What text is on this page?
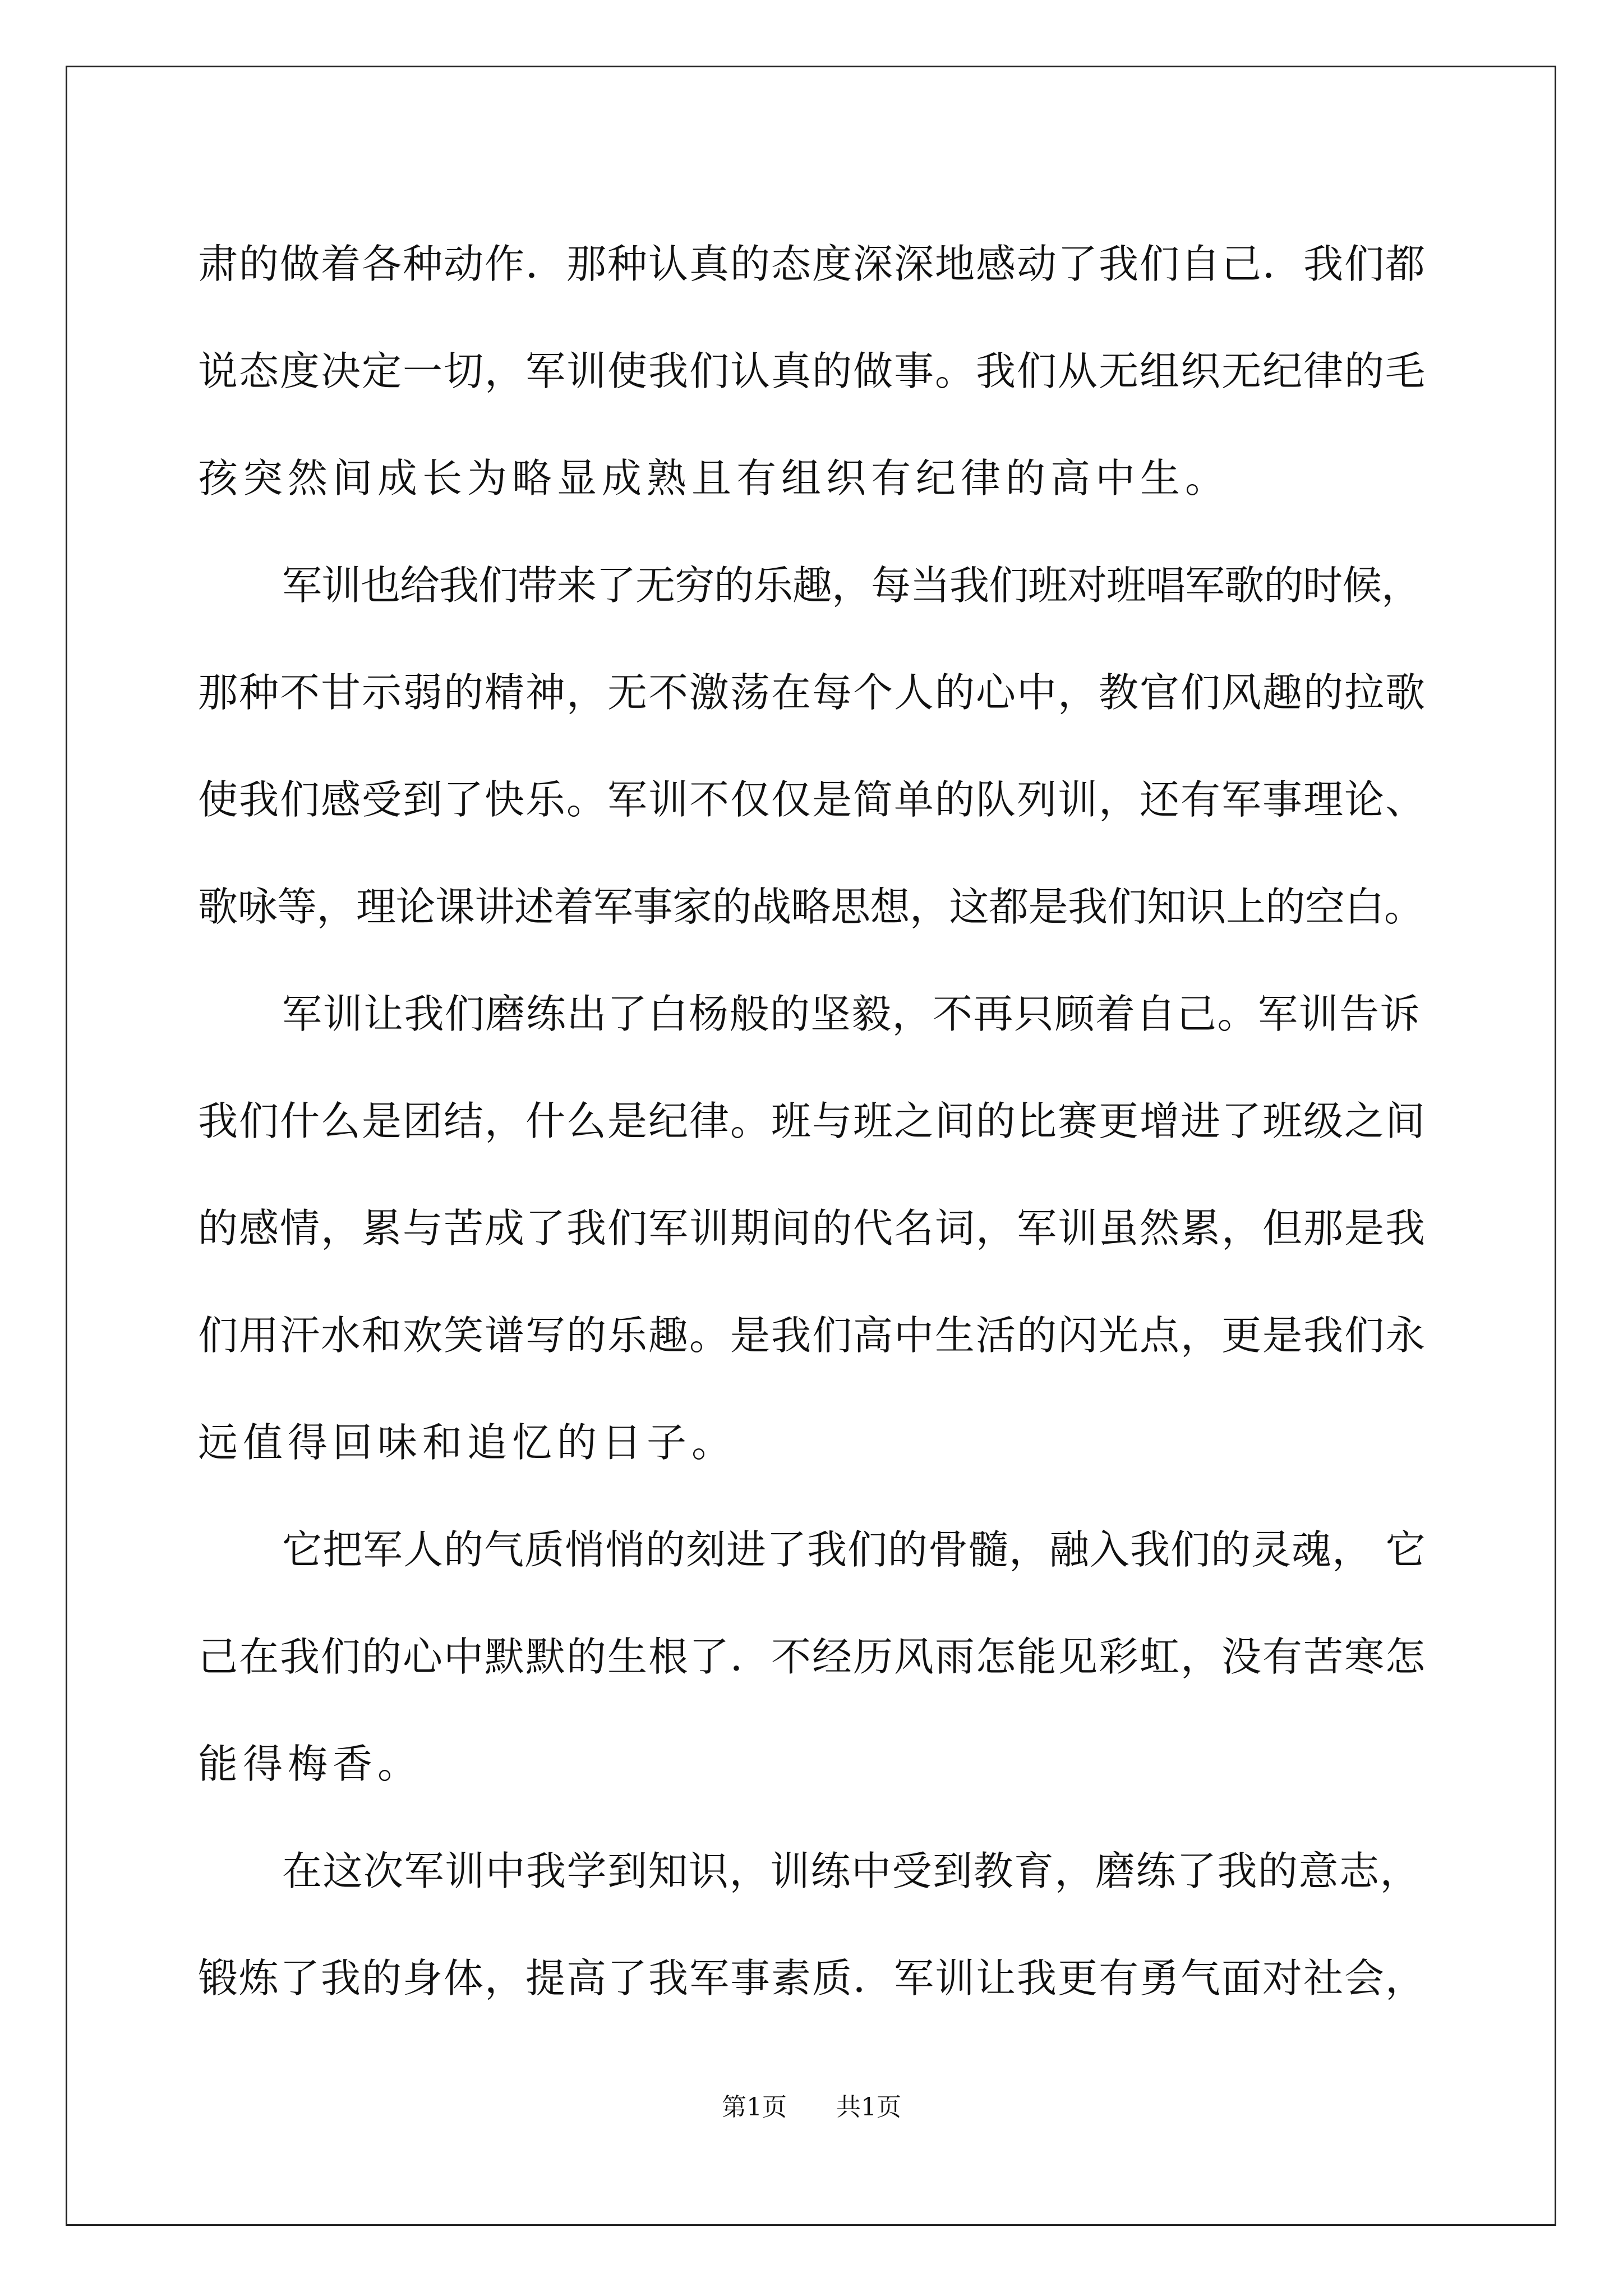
肃的做着各种动作．那种认真的态度深深地感动了我们自己．我们都
说态度决定一切，军训使我们认真的做事。我们从无组织无纪律的毛
孩突然间成长为略显成熟且有组织有纪律的高中生。
军训也给我们带来了无穷的乐趣，每当我们班对班唱军歌的时候，
那种不甘示弱的精神，无不激荡在每个人的心中，教官们风趣的拉歌
使我们感受到了快乐。军训不仅仅是简单的队列训，还有军事理论、
歌咏等，理论课讲述着军事家的战略思想，这都是我们知识上的空白。
军训让我们磨练出了白杨般的坚毅，不再只顾着自己。军训告诉
我们什么是团结，什么是纪律。班与班之间的比赛更增进了班级之间
的感情，累与苦成了我们军训期间的代名词，军训虽然累，但那是我
们用汗水和欢笑谱写的乐趣。是我们高中生活的闪光点，更是我们永
远值得回味和追忆的日子。
它把军人的气质悄悄的刻进了我们的骨髓，融入我们的灵魂， 它
己在我们的心中默默的生根了．不经历风雨怎能见彩虹，没有苦寒怎
能得梅香。
在这次军训中我学到知识，训练中受到教育，磨练了我的意志，
锻炼了我的身体，提高了我军事素质．军训让我更有勇气面对社会，
第1页 共1页
